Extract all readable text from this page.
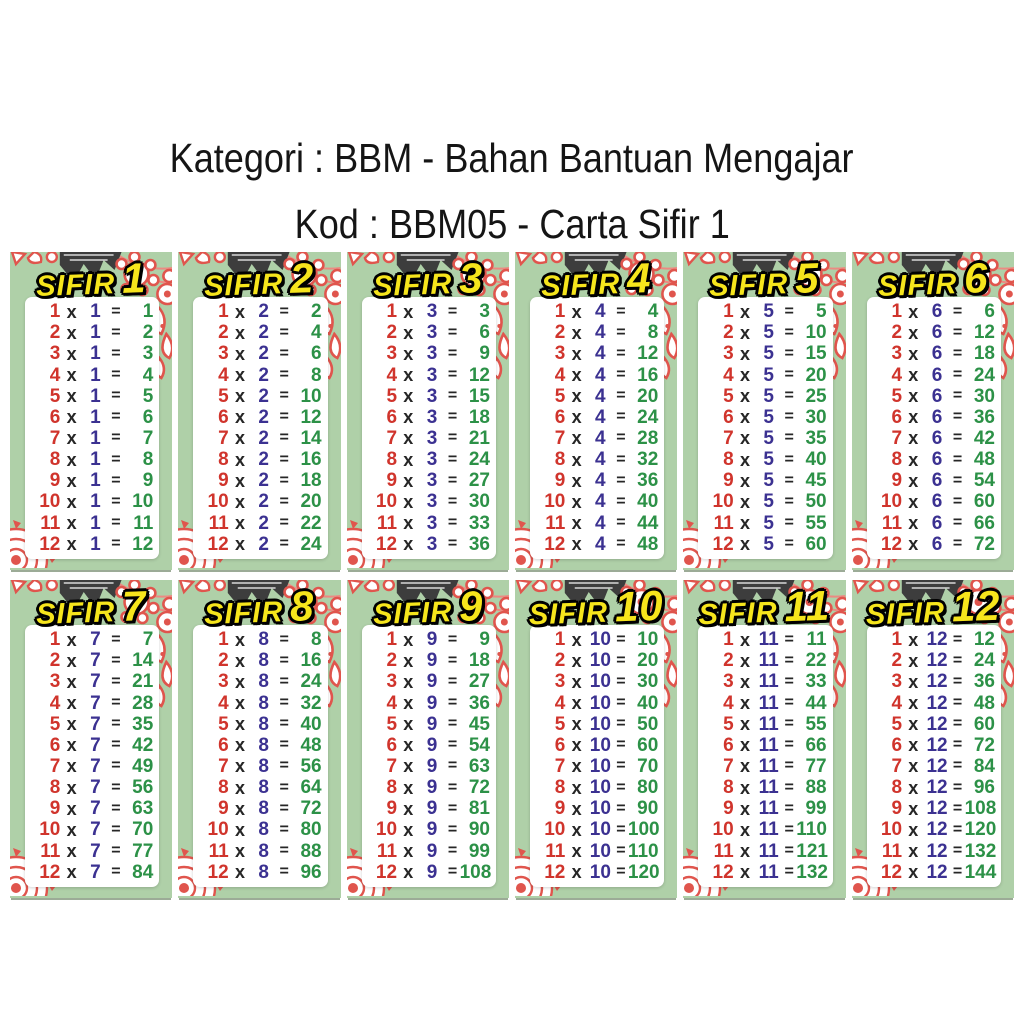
Kategori : BBM - Bahan Bantuan Mengajar
Kod : BBM05 - Carta Sifir 1
SIFIR 1
1 x 1 =	1
2 x 1 =	2
3 x 1 =	3
4 x 1 =	4
5 x 1 =	5
6 x 1 =	6
7 x 1 =	7
8 x 1 =	8
9 x 1 =	9
10 x 1 = 10
11 x 1 = 11
12 x 1 = 12
SIFIR 2
1 x 2 =	2
2 x 2 =	4
3 x 2 =	6
4 x 2 =	8
5 x 2 = 10
6 x 2 = 12
7 x 2 = 14
8 x 2 = 16
9 x 2 = 18
10 x 2 = 20
11 x 2 = 22
12 x 2 = 24
SIFIR 3
1 x 3 =	3
2 x 3 =	6
3 x 3 =	9
4 x 3 = 12
5 x 3 = 15
6 x 3 = 18
7 x 3 = 21
8 x 3 = 24
9 x 3 = 27
10 x 3 = 30
11 x 3 = 33
12 x 3 = 36
SIFIR 4
1 x 4 =	4
2 x 4 =	8
3 x 4 = 12
4 x 4 = 16
5 x 4 = 20
6 x 4 = 24
7 x 4 = 28
8 x 4 = 32
9 x 4 = 36
10 x 4 = 40
11 x 4 = 44
12 x 4 = 48
SIFIR 5
1 x 5 =	5
2 x 5 = 10
3 x 5 = 15
4 x 5 = 20
5 x 5 = 25
6 x 5 = 30
7 x 5 = 35
8 x 5 = 40
9 x 5 = 45
10 x 5 = 50
11 x 5 = 55
12 x 5 = 60
SIFIR 6
1 x 6 =	6
2 x 6 = 12
3 x 6 = 18
4 x 6 = 24
5 x 6 = 30
6 x 6 = 36
7 x 6 = 42
8 x 6 = 48
9 x 6 = 54
10 x 6 = 60
11 x 6 = 66
12 x 6 = 72
SIFIR 7
1 x 7 =	7
2 x 7 = 14
3 x 7 = 21
4 x 7 = 28
5 x 7 = 35
6 x 7 = 42
7 x 7 = 49
8 x 7 = 56
9 x 7 = 63
10 x 7 = 70
11 x 7 = 77
12 x 7 = 84
SIFIR 8
1 x 8 =	8
2 x 8 = 16
3 x 8 = 24
4 x 8 = 32
5 x 8 = 40
6 x 8 = 48
7 x 8 = 56
8 x 8 = 64
9 x 8 = 72
10 x 8 = 80
11 x 8 = 88
12 x 8 = 96
SIFIR 9
1 x 9 =	9
2 x 9 = 18
3 x 9 = 27
4 x 9 = 36
5 x 9 = 45
6 x 9 = 54
7 x 9 = 63
8 x 9 = 72
9 x 9 = 81
10 x 9 = 90
11 x 9 = 99
12 x 9 = 108
SIFIR 10
1 x 10 = 10
2 x 10 = 20
3 x 10 = 30
4 x 10 = 40
5 x 10 = 50
6 x 10 = 60
7 x 10 = 70
8 x 10 = 80
9 x 10 = 90
10 x 10 = 100
11 x 10 = 110
12 x 10 = 120
SIFIR 11
1 x 11 = 11
2 x 11 = 22
3 x 11 = 33
4 x 11 = 44
5 x 11 = 55
6 x 11 = 66
7 x 11 = 77
8 x 11 = 88
9 x 11 = 99
10 x 11 = 110
11 x 11 = 121
12 x 11 = 132
SIFIR 12
1 x 12 = 12
2 x 12 = 24
3 x 12 = 36
4 x 12 = 48
5 x 12 = 60
6 x 12 = 72
7 x 12 = 84
8 x 12 = 96
9 x 12 = 108
10 x 12 = 120
11 x 12 = 132
12 x 12 = 144
